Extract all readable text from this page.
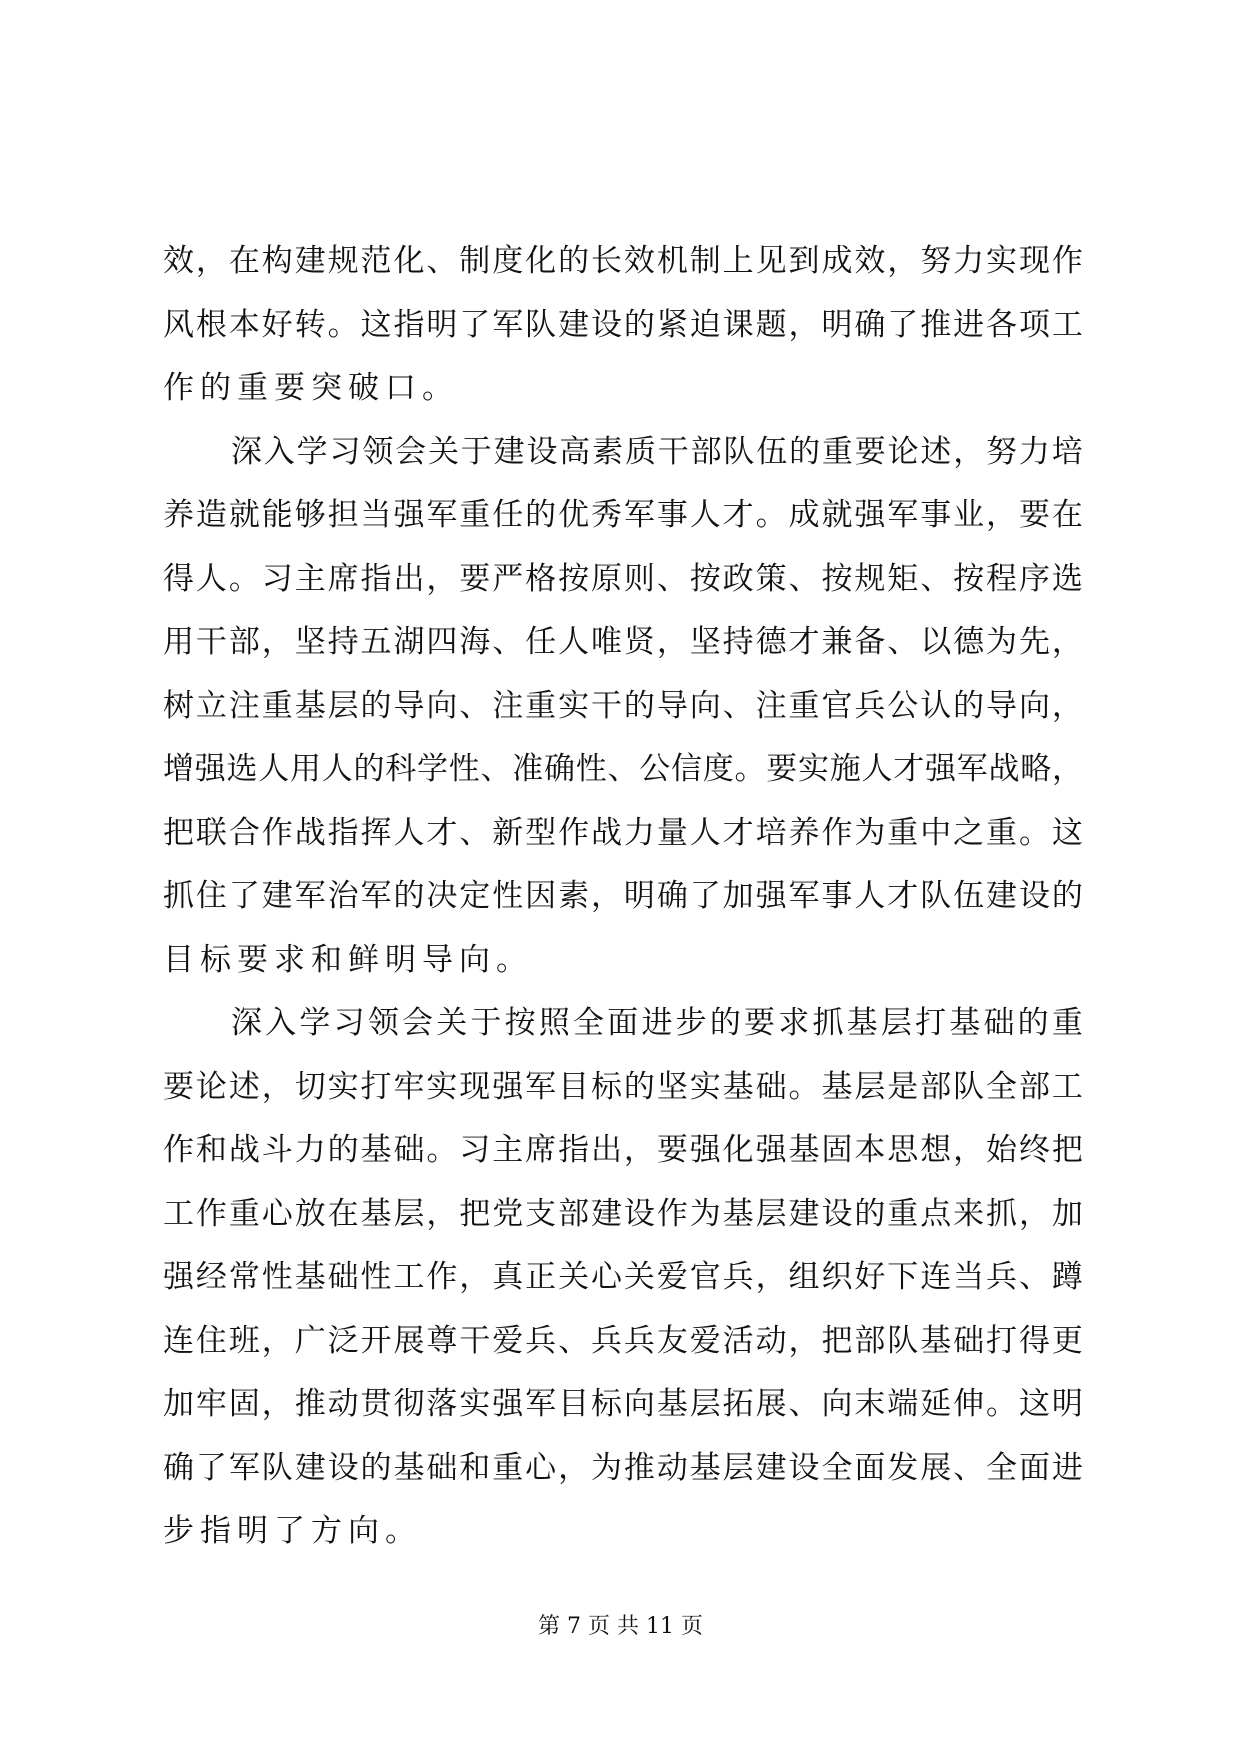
效 ， 在 构 建 规 范 化 、 制 度 化 的 长 效 机 制 上 见 到 成 效 ， 努 力 实 现 作
风 根 本 好 转 。 这 指 明 了 军 队 建 设 的 紧 迫 课 题 ， 明 确 了 推 进 各 项 工
作的重要突破口。
深 入 学 习 领 会 关 于 建 设 高 素 质 干 部 队 伍 的 重 要 论 述 ， 努 力 培
养 造 就 能 够 担 当 强 军 重 任 的 优 秀 军 事 人 才 。 成 就 强 军 事 业 ， 要 在
得 人 。 习 主 席 指 出 ， 要 严 格 按 原 则 、 按 政 策 、 按 规 矩 、 按 程 序 选
用 干 部 ， 坚 持 五 湖 四 海 、 任 人 唯 贤 ， 坚 持 德 才 兼 备 、 以 德 为 先 ，
树 立 注 重 基 层 的 导 向 、 注 重 实 干 的 导 向 、 注 重 官 兵 公 认 的 导 向 ，
增 强 选 人 用 人 的 科 学 性 、 准 确 性 、 公 信 度 。 要 实 施 人 才 强 军 战 略 ，
把 联 合 作 战 指 挥 人 才 、 新 型 作 战 力 量 人 才 培 养 作 为 重 中 之 重 。 这
抓 住 了 建 军 治 军 的 决 定 性 因 素 ， 明 确 了 加 强 军 事 人 才 队 伍 建 设 的
目标要求和鲜明导向。
深 入 学 习 领 会 关 于 按 照 全 面 进 步 的 要 求 抓 基 层 打 基 础 的 重
要 论 述 ， 切 实 打 牢 实 现 强 军 目 标 的 坚 实 基 础 。 基 层 是 部 队 全 部 工
作 和 战 斗 力 的 基 础 。 习 主 席 指 出 ， 要 强 化 强 基 固 本 思 想 ， 始 终 把
工 作 重 心 放 在 基 层 ， 把 党 支 部 建 设 作 为 基 层 建 设 的 重 点 来 抓 ， 加
强 经 常 性 基 础 性 工 作 ， 真 正 关 心 关 爱 官 兵 ， 组 织 好 下 连 当 兵 、 蹲
连 住 班 ， 广 泛 开 展 尊 干 爱 兵 、 兵 兵 友 爱 活 动 ， 把 部 队 基 础 打 得 更
加 牢 固 ， 推 动 贯 彻 落 实 强 军 目 标 向 基 层 拓 展 、 向 末 端 延 伸 。 这 明
确 了 军 队 建 设 的 基 础 和 重 心 ， 为 推 动 基 层 建 设 全 面 发 展 、 全 面 进
步指明了方向。
第 7 页 共 11 页
